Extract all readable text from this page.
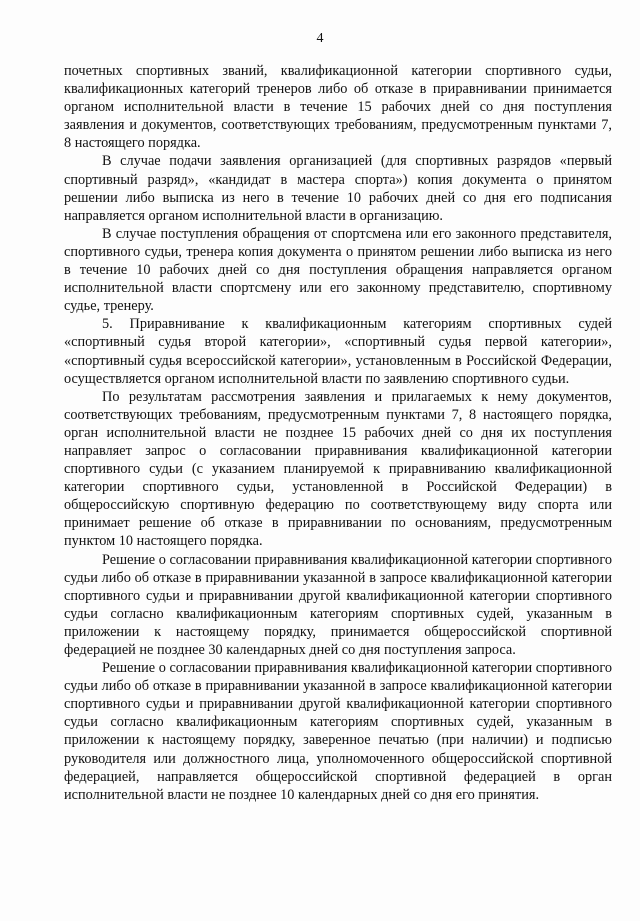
4

почетных спортивных званий, квалификационной категории спортивного судьи, квалификационных категорий тренеров либо об отказе в приравнивании принимается органом исполнительной власти в течение 15 рабочих дней со дня поступления заявления и документов, соответствующих требованиям, предусмотренным пунктами 7, 8 настоящего порядка.

В случае подачи заявления организацией (для спортивных разрядов «первый спортивный разряд», «кандидат в мастера спорта») копия документа о принятом решении либо выписка из него в течение 10 рабочих дней со дня его подписания направляется органом исполнительной власти в организацию.

В случае поступления обращения от спортсмена или его законного представителя, спортивного судьи, тренера копия документа о принятом решении либо выписка из него в течение 10 рабочих дней со дня поступления обращения направляется органом исполнительной власти спортсмену или его законному представителю, спортивному судье, тренеру.

5. Приравнивание к квалификационным категориям спортивных судей «спортивный судья второй категории», «спортивный судья первой категории», «спортивный судья всероссийской категории», установленным в Российской Федерации, осуществляется органом исполнительной власти по заявлению спортивного судьи.

По результатам рассмотрения заявления и прилагаемых к нему документов, соответствующих требованиям, предусмотренным пунктами 7, 8 настоящего порядка, орган исполнительной власти не позднее 15 рабочих дней со дня их поступления направляет запрос о согласовании приравнивания квалификационной категории спортивного судьи (с указанием планируемой к приравниванию квалификационной категории спортивного судьи, установленной в Российской Федерации) в общероссийскую спортивную федерацию по соответствующему виду спорта или принимает решение об отказе в приравнивании по основаниям, предусмотренным пунктом 10 настоящего порядка.

Решение о согласовании приравнивания квалификационной категории спортивного судьи либо об отказе в приравнивании указанной в запросе квалификационной категории спортивного судьи и приравнивании другой квалификационной категории спортивного судьи согласно квалификационным категориям спортивных судей, указанным в приложении к настоящему порядку, принимается общероссийской спортивной федерацией не позднее 30 календарных дней со дня поступления запроса.

Решение о согласовании приравнивания квалификационной категории спортивного судьи либо об отказе в приравнивании указанной в запросе квалификационной категории спортивного судьи и приравнивании другой квалификационной категории спортивного судьи согласно квалификационным категориям спортивных судей, указанным в приложении к настоящему порядку, заверенное печатью (при наличии) и подписью руководителя или должностного лица, уполномоченного общероссийской спортивной федерацией, направляется общероссийской спортивной федерацией в орган исполнительной власти не позднее 10 календарных дней со дня его принятия.
